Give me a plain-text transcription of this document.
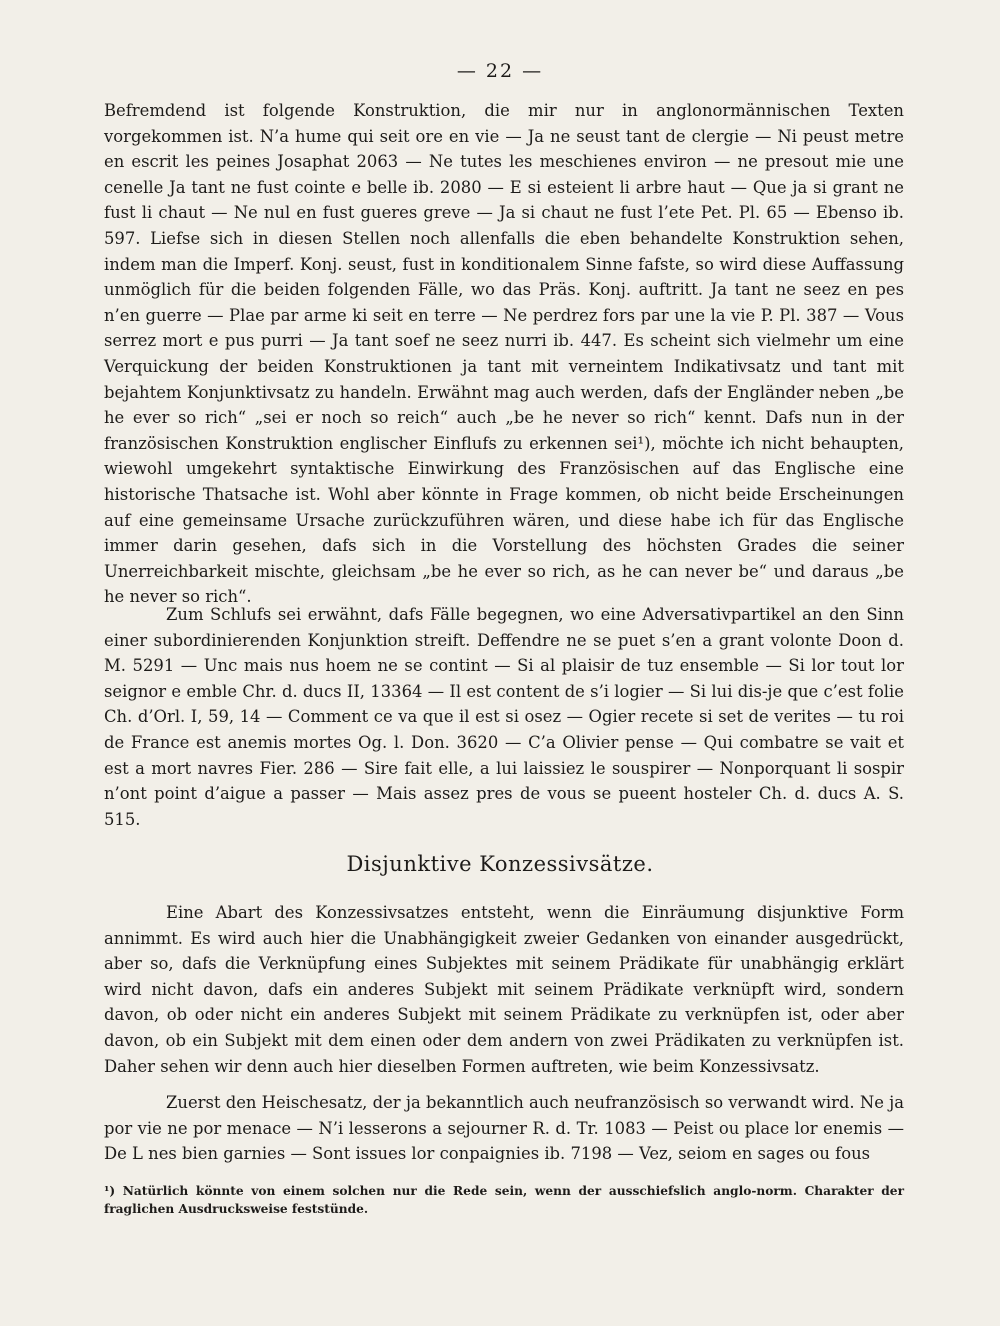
— 22 —

Befremdend ist folgende Konstruktion, die mir nur in anglonormännischen Texten vorgekommen ist. N’a hume qui seit ore en vie — Ja ne seust tant de clergie — Ni peust metre en escrit les peines Josaphat 2063 — Ne tutes les meschienes environ — ne presout mie une cenelle Ja tant ne fust cointe e belle ib. 2080 — E si esteient li arbre haut — Que ja si grant ne fust li chaut — Ne nul en fust gueres greve — Ja si chaut ne fust l’ete Pet. Pl. 65 — Ebenso ib. 597. Liefse sich in diesen Stellen noch allenfalls die eben behandelte Konstruktion sehen, indem man die Imperf. Konj. seust, fust in konditionalem Sinne fafste, so wird diese Auffassung unmöglich für die beiden folgenden Fälle, wo das Präs. Konj. auftritt. Ja tant ne seez en pes n’en guerre — Plae par arme ki seit en terre — Ne perdrez fors par une la vie P. Pl. 387 — Vous serrez mort e pus purri — Ja tant soef ne seez nurri ib. 447. Es scheint sich vielmehr um eine Verquickung der beiden Konstruktionen ja tant mit verneintem Indikativsatz und tant mit bejahtem Konjunktivsatz zu handeln. Erwähnt mag auch werden, dafs der Engländer neben „be he ever so rich“ „sei er noch so reich“ auch „be he never so rich“ kennt. Dafs nun in der französischen Konstruktion englischer Einflufs zu erkennen sei¹), möchte ich nicht behaupten, wiewohl umgekehrt syntaktische Einwirkung des Französischen auf das Englische eine historische Thatsache ist. Wohl aber könnte in Frage kommen, ob nicht beide Erscheinungen auf eine gemeinsame Ursache zurückzuführen wären, und diese habe ich für das Englische immer darin gesehen, dafs sich in die Vorstellung des höchsten Grades die seiner Unerreichbarkeit mischte, gleichsam „be he ever so rich, as he can never be“ und daraus „be he never so rich“.

Zum Schlufs sei erwähnt, dafs Fälle begegnen, wo eine Adversativpartikel an den Sinn einer subordinierenden Konjunktion streift. Deffendre ne se puet s’en a grant volonte Doon d. M. 5291 — Unc mais nus hoem ne se contint — Si al plaisir de tuz ensemble — Si lor tout lor seignor e emble Chr. d. ducs II, 13364 — Il est content de s’i logier — Si lui dis-je que c’est folie Ch. d’Orl. I, 59, 14 — Comment ce va que il est si osez — Ogier recete si set de verites — tu roi de France est anemis mortes Og. l. Don. 3620 — C’a Olivier pense — Qui combatre se vait et est a mort navres Fier. 286 — Sire fait elle, a lui laissiez le souspirer — Nonporquant li sospir n’ont point d’aigue a passer — Mais assez pres de vous se pueent hosteler Ch. d. ducs A. S. 515.

Disjunktive Konzessivsätze.

Eine Abart des Konzessivsatzes entsteht, wenn die Einräumung disjunktive Form annimmt. Es wird auch hier die Unabhängigkeit zweier Gedanken von einander ausgedrückt, aber so, dafs die Verknüpfung eines Subjektes mit seinem Prädikate für unabhängig erklärt wird nicht davon, dafs ein anderes Subjekt mit seinem Prädikate verknüpft wird, sondern davon, ob oder nicht ein anderes Subjekt mit seinem Prädikate zu verknüpfen ist, oder aber davon, ob ein Subjekt mit dem einen oder dem andern von zwei Prädikaten zu verknüpfen ist. Daher sehen wir denn auch hier dieselben Formen auftreten, wie beim Konzessivsatz.

Zuerst den Heischesatz, der ja bekanntlich auch neufranzösisch so verwandt wird. Ne ja por vie ne por menace — N’i lesserons a sejourner R. d. Tr. 1083 — Peist ou place lor enemis — De L nes bien garnies — Sont issues lor conpaignies ib. 7198 — Vez, seiom en sages ou fous

¹) Natürlich könnte von einem solchen nur die Rede sein, wenn der ausschiefslich anglo-norm. Charakter der fraglichen Ausdrucksweise feststünde.
